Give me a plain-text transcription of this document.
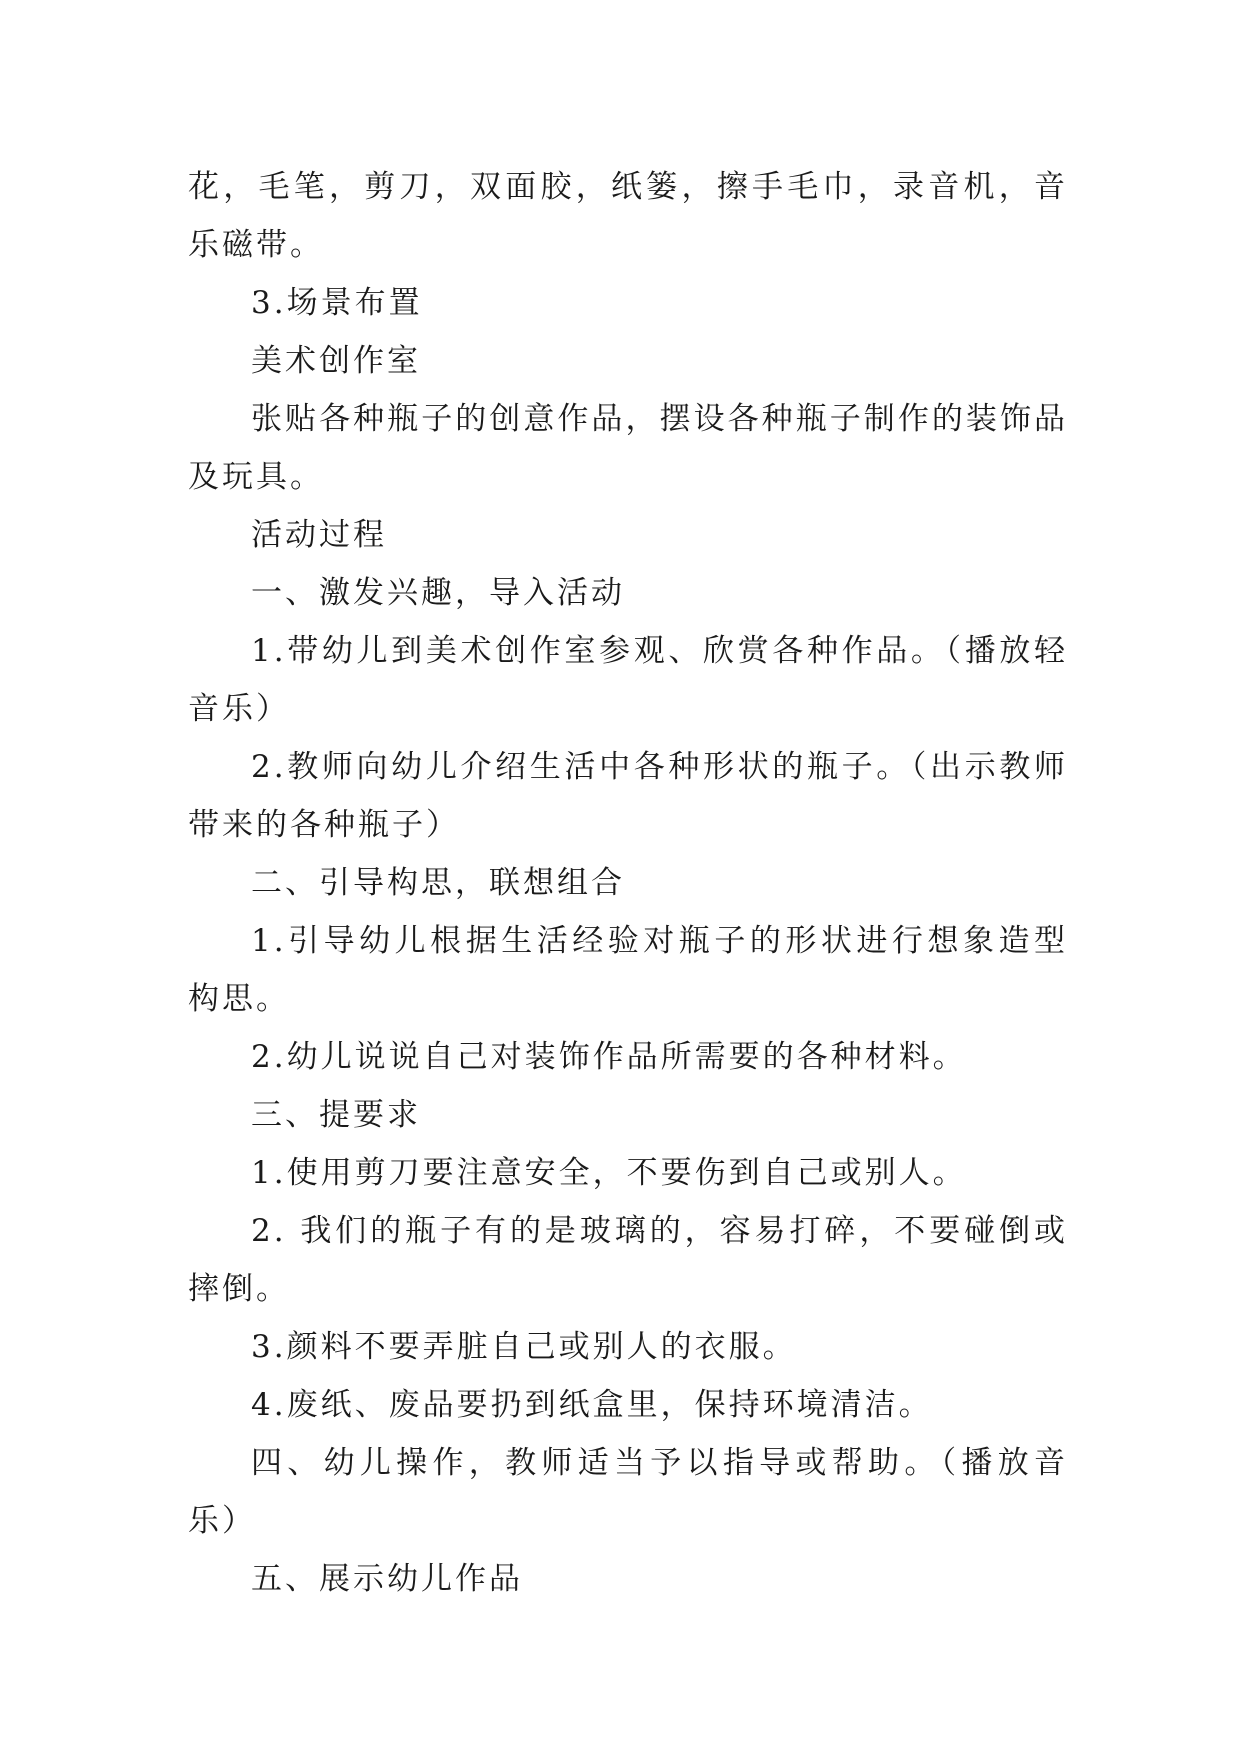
花，毛笔，剪刀，双面胶，纸篓，擦手毛巾，录音机，音乐磁带。

3.场景布置

美术创作室

张贴各种瓶子的创意作品，摆设各种瓶子制作的装饰品及玩具。

活动过程

一、激发兴趣，导入活动

1.带幼儿到美术创作室参观、欣赏各种作品。（播放轻音乐）

2.教师向幼儿介绍生活中各种形状的瓶子。（出示教师带来的各种瓶子）

二、引导构思，联想组合

1.引导幼儿根据生活经验对瓶子的形状进行想象造型构思。

2.幼儿说说自己对装饰作品所需要的各种材料。

三、提要求

1.使用剪刀要注意安全，不要伤到自己或别人。

2. 我们的瓶子有的是玻璃的，容易打碎，不要碰倒或摔倒。

3.颜料不要弄脏自己或别人的衣服。

4.废纸、废品要扔到纸盒里，保持环境清洁。

四、幼儿操作，教师适当予以指导或帮助。（播放音乐）

五、展示幼儿作品
